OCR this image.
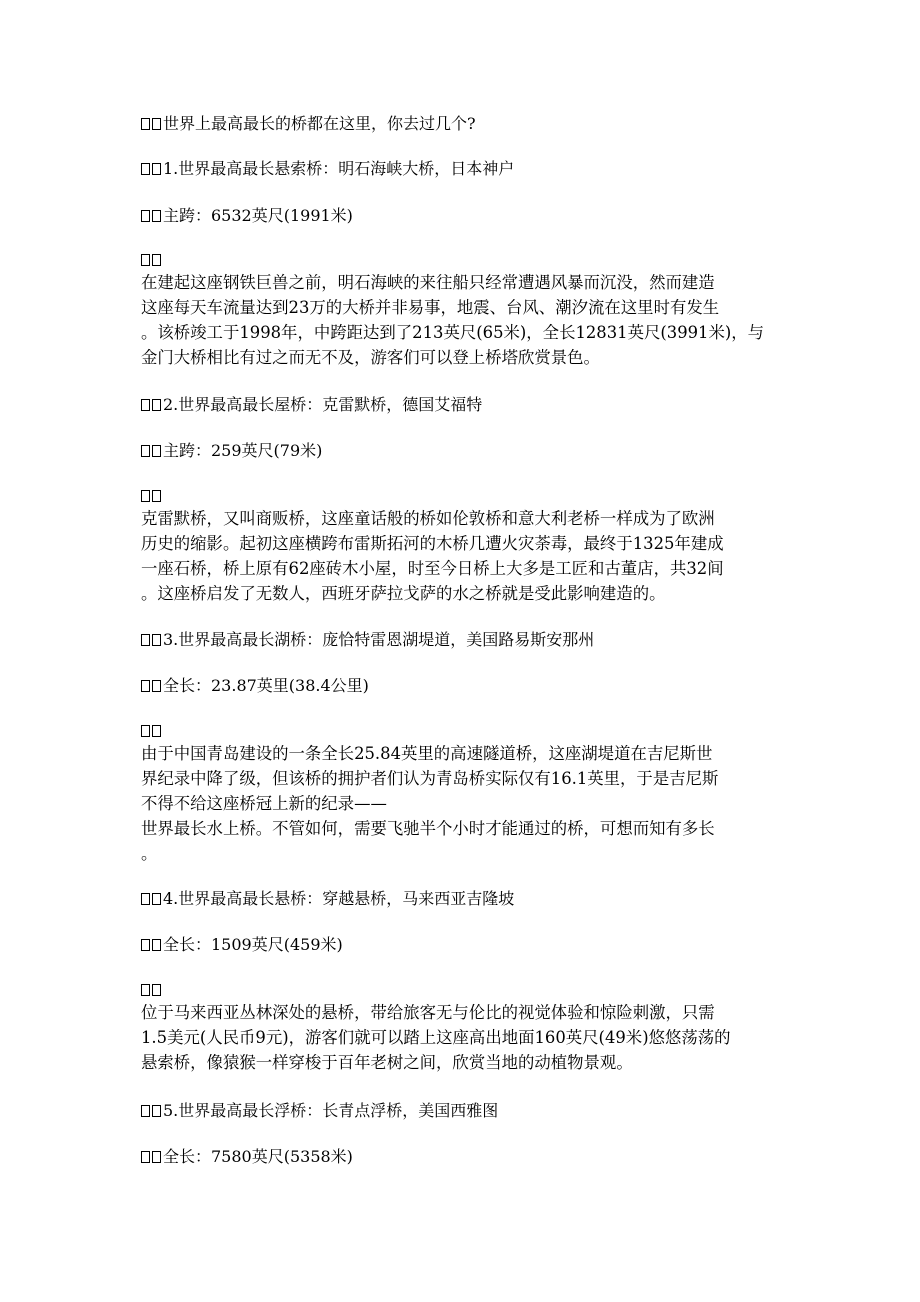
世界上最高最长的桥都在这里，你去过几个?
1.世界最高最长悬索桥：明石海峡大桥，日本神户
主跨：6532英尺(1991米)

在建起这座钢铁巨兽之前，明石海峡的来往船只经常遭遇风暴而沉没，然而建造

这座每天车流量达到23万的大桥并非易事，地震、台风、潮汐流在这里时有发生

。该桥竣工于1998年，中跨距达到了213英尺(65米)，全长12831英尺(3991米)，与

金门大桥相比有过之而无不及，游客们可以登上桥塔欣赏景色。

2.世界最高最长屋桥：克雷默桥，德国艾福特
主跨：259英尺(79米)

克雷默桥，又叫商贩桥，这座童话般的桥如伦敦桥和意大利老桥一样成为了欧洲

历史的缩影。起初这座横跨布雷斯拓河的木桥几遭火灾荼毒，最终于1325年建成

一座石桥，桥上原有62座砖木小屋，时至今日桥上大多是工匠和古董店，共32间

。这座桥启发了无数人，西班牙萨拉戈萨的水之桥就是受此影响建造的。

3.世界最高最长湖桥：庞恰特雷恩湖堤道，美国路易斯安那州
全长：23.87英里(38.4公里)

由于中国青岛建设的一条全长25.84英里的高速隧道桥，这座湖堤道在吉尼斯世

界纪录中降了级，但该桥的拥护者们认为青岛桥实际仅有16.1英里，于是吉尼斯

不得不给这座桥冠上新的纪录——

世界最长水上桥。不管如何，需要飞驰半个小时才能通过的桥，可想而知有多长

。

4.世界最高最长悬桥：穿越悬桥，马来西亚吉隆坡
全长：1509英尺(459米)

位于马来西亚丛林深处的悬桥，带给旅客无与伦比的视觉体验和惊险刺激，只需

1.5美元(人民币9元)，游客们就可以踏上这座高出地面160英尺(49米)悠悠荡荡的

悬索桥，像猿猴一样穿梭于百年老树之间，欣赏当地的动植物景观。

5.世界最高最长浮桥：长青点浮桥，美国西雅图
全长：7580英尺(5358米)
